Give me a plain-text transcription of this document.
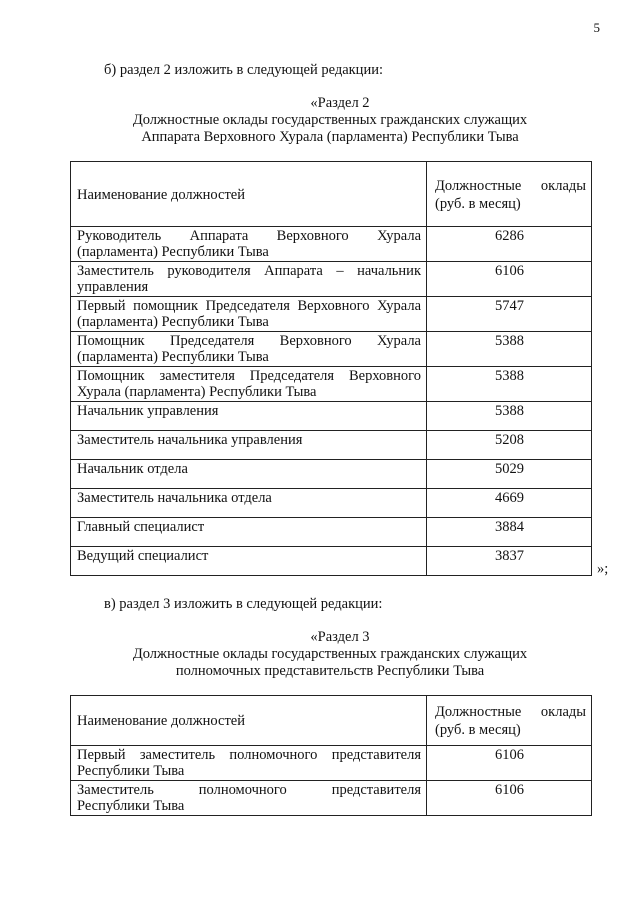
5
б) раздел 2 изложить в следующей редакции:
«Раздел 2
Должностные оклады государственных гражданских служащих
Аппарата Верховного Хурала (парламента) Республики Тыва
Наименование должностей	Должностные оклады
(руб. в месяц)

Руководитель Аппарата Верховного Хурала
(парламента) Республики Тыва	6286

Заместитель руководителя Аппарата – начальник
управления	6106

Первый помощник Председателя Верховного Хурала
(парламента) Республики Тыва	5747

Помощник Председателя Верховного Хурала
(парламента) Республики Тыва	5388

Помощник заместителя Председателя Верховного
Хурала (парламента) Республики Тыва	5388
Начальник управления	5388
Заместитель начальника управления	5208
Начальник отдела	5029
Заместитель начальника отдела	4669
Главный специалист	3884
Ведущий специалист	3837
»;
в) раздел 3 изложить в следующей редакции:
«Раздел 3
Должностные оклады государственных гражданских служащих
полномочных представительств Республики Тыва
Наименование должностей	Должностные оклады
(руб. в месяц)

Первый заместитель полномочного представителя
Республики Тыва	6106

Заместитель полномочного представителя
Республики Тыва	6106
